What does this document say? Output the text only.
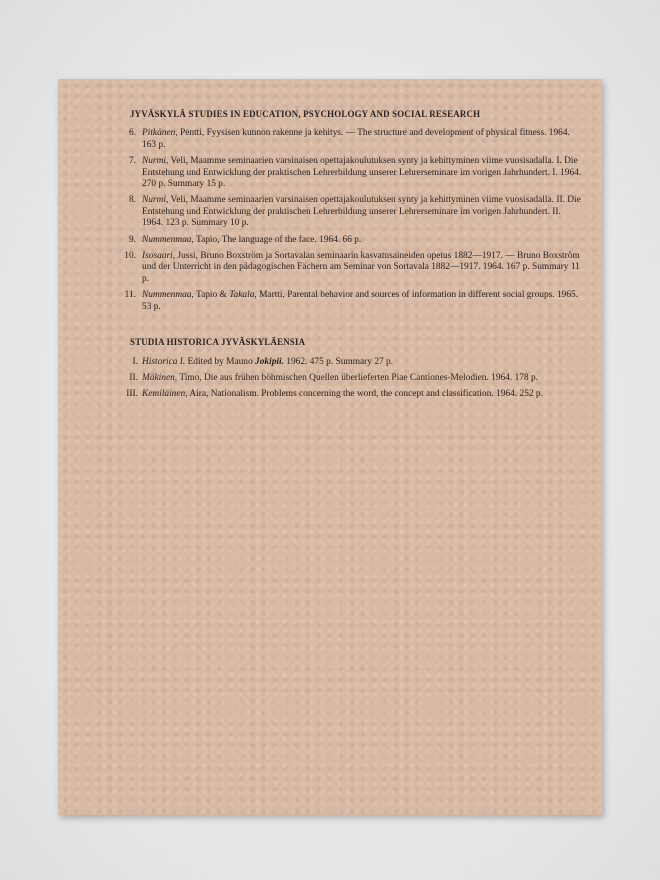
JYVÄSKYLÄ STUDIES IN EDUCATION, PSYCHOLOGY AND SOCIAL RESEARCH
6. Pitkänen, Pentti, Fyysisen kunnon rakenne ja kehitys. — The structure and development of physical fitness. 1964. 163 p.
7. Nurmi, Veli, Maamme seminaarien varsinaisen opettajakoulutuksen synty ja kehittyminen viime vuosisadalla. I. Die Entstehung und Entwicklung der praktischen Lehrerbildung unserer Lehrerseminare im vorigen Jahrhundert. I. 1964. 270 p. Summary 15 p.
8. Nurmi, Veli, Maamme seminaarien varsinaisen opettajakoulutuksen synty ja kehittyminen viime vuosisadalla. II. Die Entstehung und Entwicklung der praktischen Lehrerbildung unserer Lehrerseminare im vorigen Jahrhundert. II. 1964. 123 p. Summary 10 p.
9. Nummenmaa, Tapio, The language of the face. 1964. 66 p.
10. Isosaari, Jussi, Bruno Boxström ja Sortavalan seminaarin kasvatusaineiden opetus 1882—1917. — Bruno Boxström und der Unterricht in den pädagogischen Fächern am Seminar von Sortavala 1882—1917. 1964. 167 p. Summary 11 p.
11. Nummenmaa, Tapio & Takala, Martti, Parental behavior and sources of information in different social groups. 1965. 53 p.
STUDIA HISTORICA JYVÄSKYLÄENSIA
I. Historica I. Edited by Mauno Jokipii. 1962. 475 p. Summary 27 p.
II. Mäkinen, Timo, Die aus frühen böhmischen Quellen überlieferten Piae Cantiones-Melodien. 1964. 178 p.
III. Kemiläinen, Aira, Nationalism. Problems concerning the word, the concept and classification. 1964. 252 p.
